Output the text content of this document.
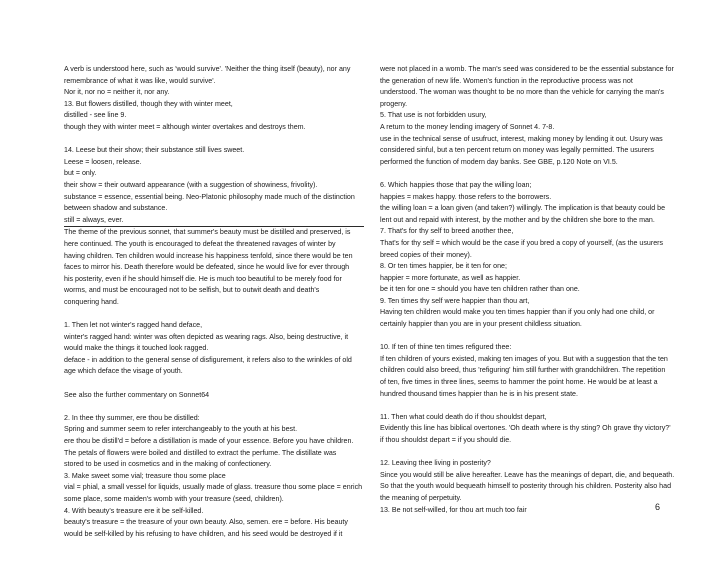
A verb is understood here, such as 'would survive'. 'Neither the thing itself (beauty), nor any
remembrance of what it was like, would survive'.
Nor it, nor no = neither it, nor any.
13. But flowers distilled, though they with winter meet,
distilled - see line 9.
though they with winter meet = although winter overtakes and destroys them.
14. Leese but their show; their substance still lives sweet.
Leese = loosen, release.
but = only.
their show = their outward appearance (with a suggestion of showiness, frivolity).
substance = essence, essential being. Neo-Platonic philosophy made much of the distinction
between shadow and substance.
still = always, ever.
The theme of the previous sonnet, that summer's beauty must be distilled and preserved, is
here continued. The youth is encouraged to defeat the threatened ravages of winter by
having children. Ten children would increase his happiness tenfold, since there would be ten
faces to mirror his. Death therefore would be defeated, since he would live for ever through
his posterity, even if he should himself die. He is much too beautiful to be merely food for
worms, and must be encouraged not to be selfish, but to outwit death and death's
conquering hand.
1. Then let not winter's ragged hand deface,
winter's ragged hand: winter was often depicted as wearing rags. Also, being destructive, it
would make the things it touched look ragged.
deface - in addition to the general sense of disfigurement, it refers also to the wrinkles of old
age which deface the visage of youth.
See also the further commentary on Sonnet64
2. In thee thy summer, ere thou be distilled:
Spring and summer seem to refer interchangeably to the youth at his best.
ere thou be distill'd = before a distillation is made of your essence. Before you have children.
The petals of flowers were boiled and distilled to extract the perfume. The distillate was
stored to be used in cosmetics and in the making of confectionery.
3. Make sweet some vial; treasure thou some place
vial = phial, a small vessel for liquids, usually made of glass. treasure thou some place = enrich
some place, some maiden's womb with your treasure (seed, children).
4. With beauty's treasure ere it be self-killed.
beauty's treasure = the treasure of your own beauty. Also, semen. ere = before. His beauty
would be self-killed by his refusing to have children, and his seed would be destroyed if it
were not placed in a womb. The man's seed was considered to be the essential substance for
the generation of new life. Women's function in the reproductive process was not
understood. The woman was thought to be no more than the vehicle for carrying the man's
progeny.
5. That use is not forbidden usury,
A return to the money lending imagery of Sonnet 4. 7-8.
use in the technical sense of usufruct, interest, making money by lending it out. Usury was
considered sinful, but a ten percent return on money was legally permitted. The usurers
performed the function of modern day banks. See GBE, p.120 Note on VI.5.
6. Which happies those that pay the willing loan;
happies = makes happy. those refers to the borrowers.
the willing loan = a loan given (and taken?) willingly. The implication is that beauty could be
lent out and repaid with interest, by the mother and by the children she bore to the man.
7. That's for thy self to breed another thee,
That's for thy self = which would be the case if you bred a copy of yourself, (as the usurers
breed copies of their money).
8. Or ten times happier, be it ten for one;
happier = more fortunate, as well as happier.
be it ten for one = should you have ten children rather than one.
9. Ten times thy self were happier than thou art,
Having ten children would make you ten times happier than if you only had one child, or
certainly happier than you are in your present childless situation.
10. If ten of thine ten times refigured thee:
If ten children of yours existed, making ten images of you. But with a suggestion that the ten
children could also breed, thus 'refiguring' him still further with grandchildren. The repetition
of ten, five times in three lines, seems to hammer the point home. He would be at least a
hundred thousand times happier than he is in his present state.
11. Then what could death do if thou shouldst depart,
Evidently this line has biblical overtones. 'Oh death where is thy sting? Oh grave thy victory?'
if thou shouldst depart = if you should die.
12. Leaving thee living in posterity?
Since you would still be alive hereafter. Leave has the meanings of depart, die, and bequeath.
So that the youth would bequeath himself to posterity through his children. Posterity also had
the meaning of perpetuity.
13. Be not self-willed, for thou art much too fair	6
